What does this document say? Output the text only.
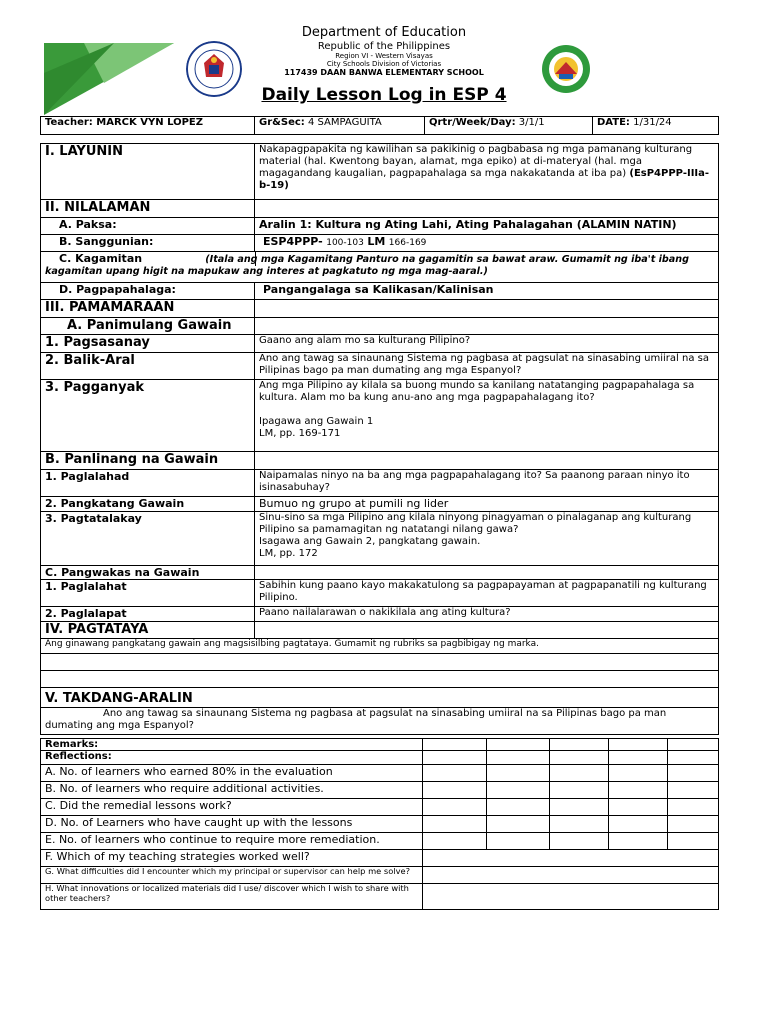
Department of Education
Republic of the Philippines
Region VI - Western Visayas
City Schools Division of Victorias
117439 DAAN BANWA ELEMENTARY SCHOOL
Daily Lesson Log in ESP 4
Teacher: MARCK VYN LOPEZ	Gr&Sec: 4 SAMPAGUITA	Qrtr/Week/Day: 3/1/1	DATE: 1/31/24
I. LAYUNIN	Nakapagpapakita ng kawilihan sa pakikinig o pagbabasa ng mga pamanang kulturang material (hal. Kwentong bayan, alamat, mga epiko) at di-materyal (hal. mga magagandang kaugalian, pagpapahalaga sa mga nakakatanda at iba pa) (EsP4PPP-IIIa-b-19)
II. NILALAMAN	
A. Paksa:	Aralin 1: Kultura ng Ating Lahi, Ating Pahalagahan (ALAMIN NATIN)
B. Sanggunian:	ESP4PPP- 100-103 LM 166-169
C. Kagamitan (Itala ang mga Kagamitang Panturo na gagamitin sa bawat araw. Gumamit ng iba't ibang kagamitan upang higit na mapukaw ang interes at pagkatuto ng mga mag-aaral.)	
D. Pagpapahalaga:	Pangangalaga sa Kalikasan/Kalinisan
III. PAMAMARAAN	
A. Panimulang Gawain	
1. Pagsasanay	Gaano ang alam mo sa kulturang Pilipino?
2. Balik-Aral	Ano ang tawag sa sinaunang Sistema ng pagbasa at pagsulat na sinasabing umiiral na sa Pilipinas bago pa man dumating ang mga Espanyol?
3. Pagganyak	Ang mga Pilipino ay kilala sa buong mundo sa kanilang natatanging pagpapahalaga sa kultura. Alam mo ba kung anu-ano ang mga pagpapahalagang ito?

Ipagawa ang Gawain 1
LM, pp. 169-171
B. Panlinang na Gawain	
1. Paglalahad	Naipamalas ninyo na ba ang mga pagpapahalagang ito? Sa paanong paraan ninyo ito isinasabuhay?
2. Pangkatang Gawain	Bumuo ng grupo at pumili ng lider
3. Pagtatalakay	Sinu-sino sa mga Pilipino ang kilala ninyong pinagyaman o pinalaganap ang kulturang Pilipino sa pamamagitan ng natatangi nilang gawa?
Isagawa ang Gawain 2, pangkatang gawain.
LM, pp. 172
C. Pangwakas na Gawain	
1. Paglalahat	Sabihin kung paano kayo makakatulong sa pagpapayaman at pagpapanatili ng kulturang Pilipino.
2. Paglalapat	Paano nailalarawan o nakikilala ang ating kultura?
IV. PAGTATAYA	
Ang ginawang pangkatang gawain ang magsisilbing pagtataya. Gumamit ng rubriks sa pagbibigay ng marka.	

V. TAKDANG-ARALIN	
Ano ang tawag sa sinaunang Sistema ng pagbasa at pagsulat na sinasabing umiiral na sa Pilipinas bago pa man dumating ang mga Espanyol?	
Remarks:					
Reflections:					
A. No. of learners who earned 80% in the evaluation					
B. No. of learners who require additional activities.					
C. Did the remedial lessons work?					
D. No. of Learners who have caught up with the lessons					
E. No. of learners who continue to require more remediation.					
F. Which of my teaching strategies worked well?					
G. What difficulties did I encounter which my principal or supervisor can help me solve?					
H. What innovations or localized materials did I use/ discover which I wish to share with other teachers?					
